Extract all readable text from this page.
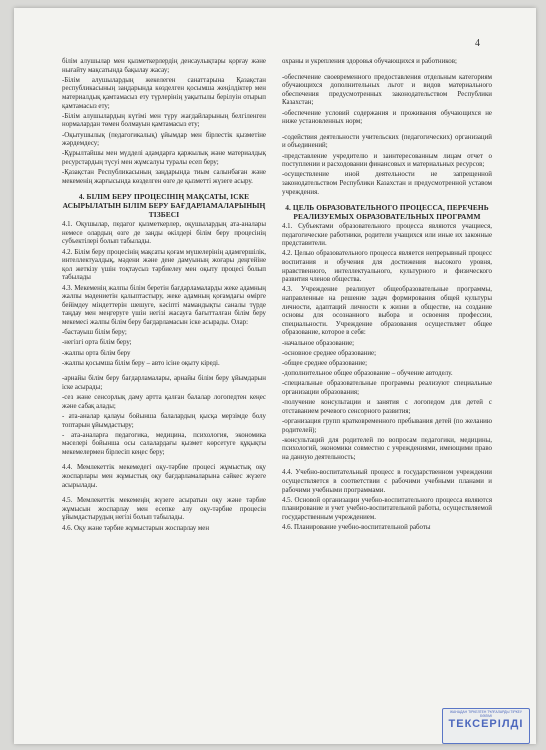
4

білім алушылар мен қызметкерлердің денсаулықтары қорғау және нығайту мақсатында бақылау жасау;

-Білім алушылардың жекелеген санаттарына Қазақстан республикасының заңдарында көзделген қосымша жеңілдіктер мен материалдық қамтамасыз ету түрлерінің уақытылы берілуін отырып қамтамасыз ету;

-Білім алушылардың күтімі мен түру жағдайларының белгіленген нормалардан төмен болмауын қамтамасыз ету;

-Оқытушылық (педагогикалық) ұйымдар мен бірлестік қызметіне жәрдемдесу;

-Құрылтайшы мен мүдделі адамдарға қаржылық және материалдық ресурстардың түсуі мен жұмсалуы туралы есеп беру;

-Қазақстан Республикасының заңдарында тиым салынбаған және мекеменің жарғысында көзделген өзге де қызметті жүзеге асыру.

4. БІЛІМ БЕРУ ПРОЦЕСІНІҢ МАҚСАТЫ, ІСКЕ АСЫРЫЛАТЫН БІЛІМ БЕРУ БАҒДАРЛАМАЛАРЫНЫҢ ТІЗБЕСІ

4.1. Оқушылар, педагог қызметкерлер, оқушылардың ата-аналары немесе олардың өзге де заңды өкілдері білім беру процесінің субъектілері болып табылады.

4.2. Білім беру процесінің мақсаты қоғам мүшелерінің адамгершілік, интеллектуалдық, мәдени және дене дамуының жоғары деңгейіне қол жеткізу үшін тоқтаусыз тәрбиелеу мен оқыту процесі болып табылады

4.3. Мекеменің жалпы білім беретін бағдарламаларды жеке адамның жалпы мәдениетін қалыптастыру, жеке адамның қоғамдағы өмірге бейімдеу міндеттерін шешуге, кәсіпті мамандықты саналы түрде таңдау мен меңгеруге үшін негізі жасауға бағытталған білім беру мекемесі жалпы білім беру бағдарламасын іске асырады. Олар:

-бастауыш білім беру;

-негізгі орта білім беру;

-жалпы орта білім беру

-жалпы қосымша білім беру – авто ісіне оқыту кіреді.

-арнайы білім беру бағдарламалары, арнайы білім беру ұйымдарын іске асырады;

-сез және сенсорлық даму артта қалған балалар логопедтен кеңес және сабақ алады;

- ата-аналар қалауы бойынша балалардың қысқа мерзімде болу топтарын ұйымдастыру;

- ата-аналарға педагогика, медицина, психология, экономика мәселері бойынша осы салалардағы қызмет көрсетуге құқықты мекемелермен бірлесіп кеңес беру;

4.4. Мемлекеттік мекемедегі оқу-тәрбие процесі жұмыстық оқу жоспарлары мен жұмыстық оқу бағдарламаларына сәйкес жүзеге асырылады.

4.5. Мемлекеттік мекемеңің жүзеге асыратын оқу және тәрбие жұмысын жоспарлау мен есепке алу оқу-тәрбие процесін ұйымдастырудың негізі болып табылады.

4.6. Оқу және тәрбие жұмыстарын жоспарлау мен

охраны и укрепления здоровья обучающихся и работников;

-обеспечение своевременного предоставления отдельным категориям обучающихся дополнительных льгот и видов материального обеспечения предусмотренных законодательством Республики Казахстан;

-обеспечение условий содержания и проживания обучающихся не ниже установленных норм;

-содействия деятельности учительских (педагогических) организаций и объединений;

-представление учредителю и заинтересованным лицам отчет о поступлении и расходовании финансовых и материальных ресурсов;

-осуществление иной деятельности не запрещенной законодательством Республики Казахстан и предусмотренной уставом учреждения.

4. ЦЕЛЬ ОБРАЗОВАТЕЛЬНОГО ПРОЦЕССА, ПЕРЕЧЕНЬ РЕАЛИЗУЕМЫХ ОБРАЗОВАТЕЛЬНЫХ ПРОГРАММ

4.1. Субъектами образовательного процесса являются учащиеся, педагогические работники, родители учащихся или иные их законные представители.

4.2. Целью образовательного процесса является непрерывный процесс воспитания и обучения для достижения высокого уровня, нравственного, интеллектуального, культурного и физического развития членов общества.

4.3. Учреждение реализует общеобразовательные программы, направленные на решение задач формирования общей культуры личности, адаптаций личности к жизни в обществе, на создание основы для осознанного выбора и освоения профессии, специальности. Учреждение образования осуществляет общее образование, которое в себя:

-начальное образование;

-основное среднее образование;

-общее среднее образование;

-дополнительное общее образование – обучение автоделу.

-специальные образовательные программы реализуют специальные организации образования;

-получение консультации и занятия с логопедом для детей с отставанием речевого сенсорного развития;

-организация групп кратковременного пребывания детей (по желанию родителей);

-консультаций для родителей по вопросам педагогики, медицины, психологий, экономики совместно с учреждениями, имеющими право на данную деятельность;

4.4. Учебно-воспитательный процесс в государственном учреждении осуществляется в соответствии с рабочими учебными планами и рабочими учебными программами.

4.5. Основой организации учебно-воспитательного процесса являются планирование и учет учебно-воспитательной работы, осуществляемой государственным учреждением.

4.6. Планирование учебно-воспитательной работы

ЖАНАДАН ТІРКЕЛГЕН ТҰЛҒАЛАРДЫ ТІРКЕУ БӨЛІМІ
ТЕКСЕРІЛДІ
